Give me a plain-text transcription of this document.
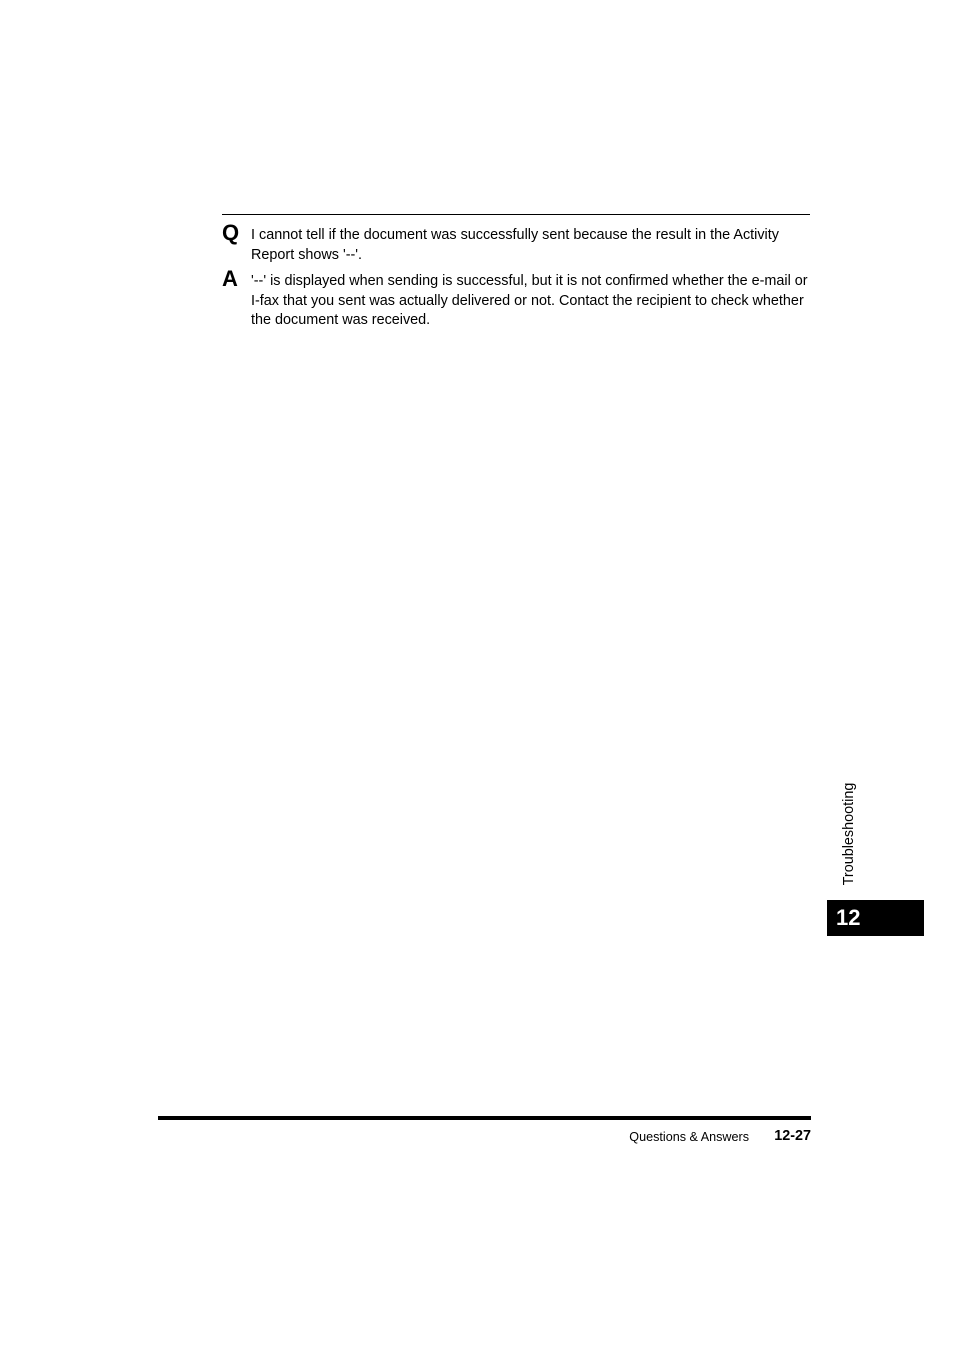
Q I cannot tell if the document was successfully sent because the result in the Activity Report shows '--'.
A '--' is displayed when sending is successful, but it is not confirmed whether the e-mail or I-fax that you sent was actually delivered or not. Contact the recipient to check whether the document was received.
Troubleshooting
12
Questions & Answers 12-27
